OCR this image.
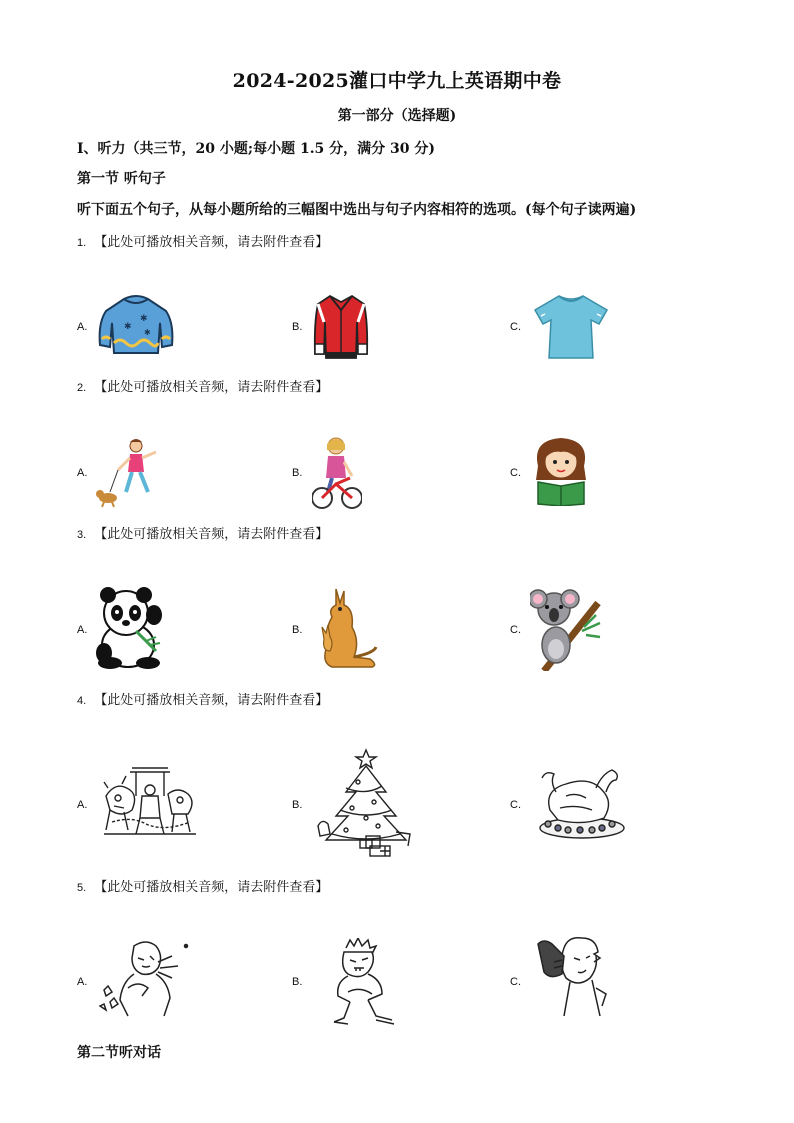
2024-2025灌口中学九上英语期中卷
第一部分（选择题)
I、听力（共三节，20 小题;每小题 1.5 分，满分 30 分)
第一节 听句子
听下面五个句子，从每小题所给的三幅图中选出与句子内容相符的选项。(每个句子读两遍)
1. 【此处可播放相关音频，请去附件查看】
A.	B.	C.
✱
✱
✱
2. 【此处可播放相关音频，请去附件查看】
A.	B.	C.
3. 【此处可播放相关音频，请去附件查看】
A.	B.	C.
4. 【此处可播放相关音频，请去附件查看】
A.	B.	C.
5. 【此处可播放相关音频，请去附件查看】
A.	B.	C.
第二节听对话
